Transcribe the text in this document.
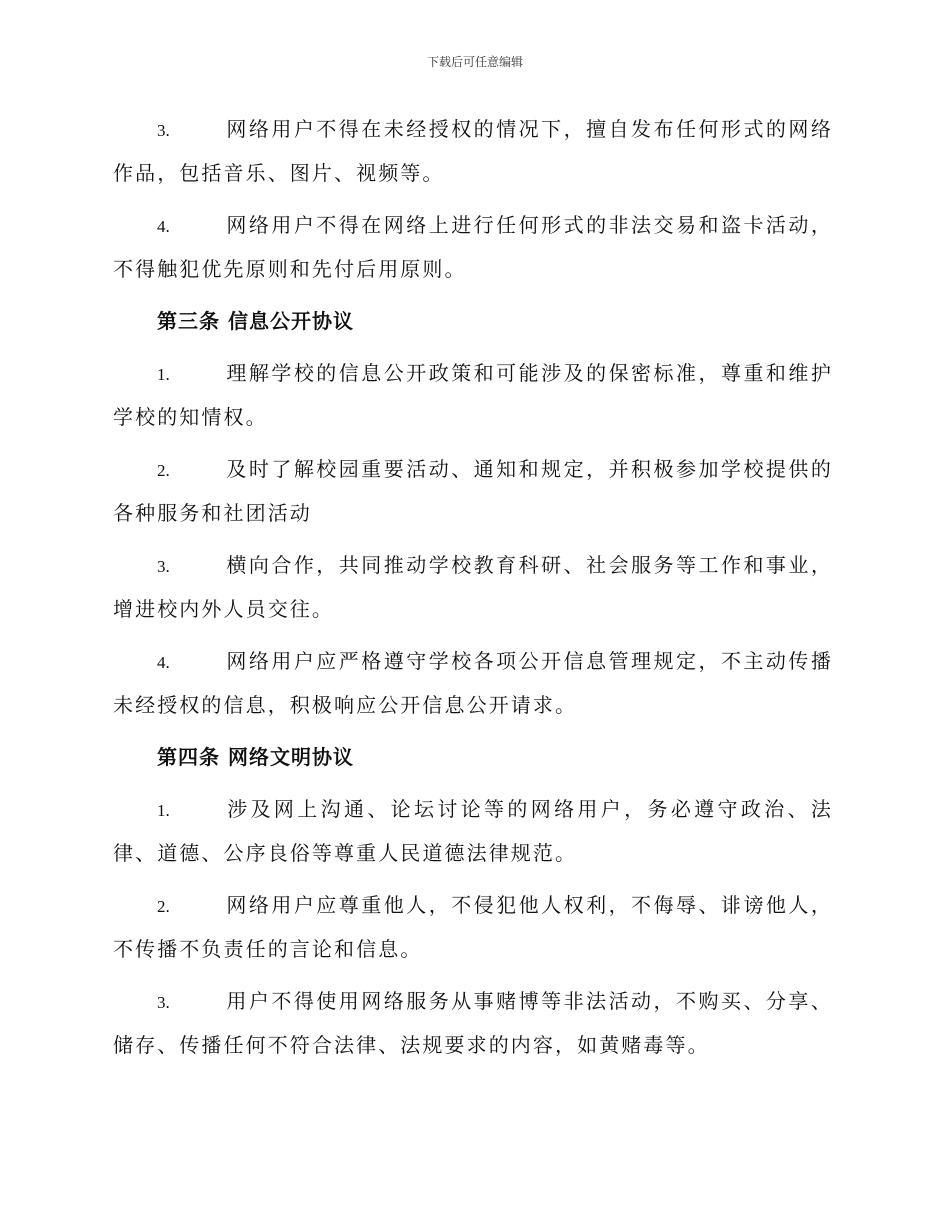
下载后可任意编辑

3.	网络用户不得在未经授权的情况下，擅自发布任何形式的网络作品，包括音乐、图片、视频等。

4.	网络用户不得在网络上进行任何形式的非法交易和盗卡活动，不得触犯优先原则和先付后用原则。

第三条 信息公开协议

1.	理解学校的信息公开政策和可能涉及的保密标准，尊重和维护学校的知情权。

2.	及时了解校园重要活动、通知和规定，并积极参加学校提供的各种服务和社团活动

3.	横向合作，共同推动学校教育科研、社会服务等工作和事业，增进校内外人员交往。

4.	网络用户应严格遵守学校各项公开信息管理规定，不主动传播未经授权的信息，积极响应公开信息公开请求。

第四条 网络文明协议

1.	涉及网上沟通、论坛讨论等的网络用户，务必遵守政治、法律、道德、公序良俗等尊重人民道德法律规范。

2.	网络用户应尊重他人，不侵犯他人权利，不侮辱、诽谤他人，不传播不负责任的言论和信息。

3.	用户不得使用网络服务从事赌博等非法活动，不购买、分享、储存、传播任何不符合法律、法规要求的内容，如黄赌毒等。
